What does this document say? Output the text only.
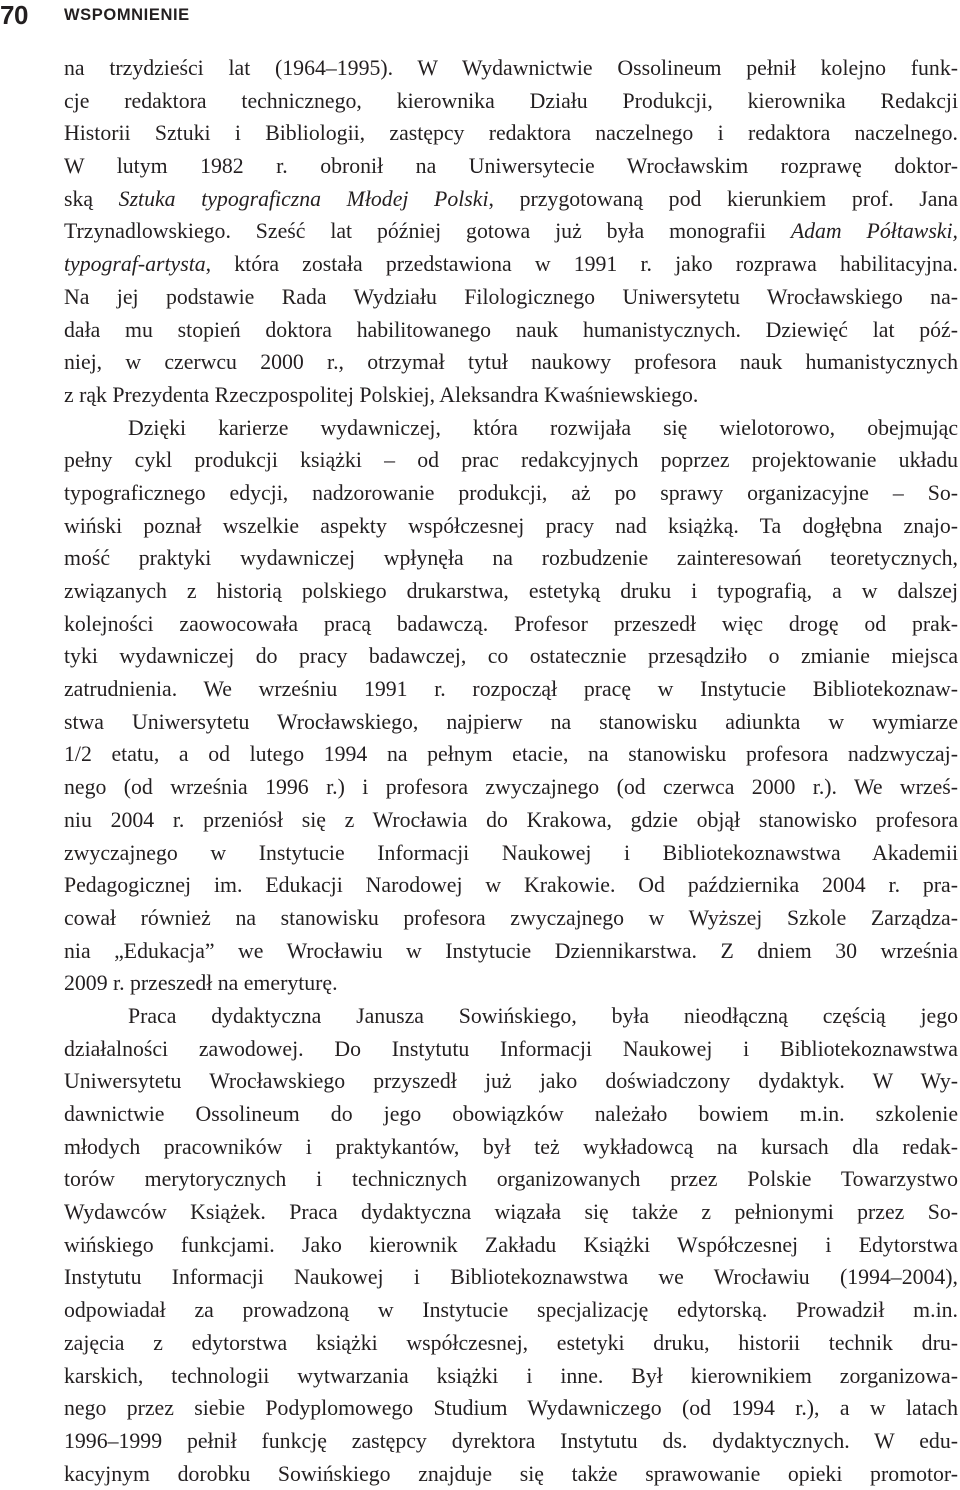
70 WSPOMNIENIE
na trzydzieści lat (1964–1995). W Wydawnictwie Ossolineum pełnił kolejno funk-
cje redaktora technicznego, kierownika Działu Produkcji, kierownika Redakcji
Historii Sztuki i Bibliologii, zastępcy redaktora naczelnego i redaktora naczelnego.
W lutym 1982 r. obronił na Uniwersytecie Wrocławskim rozprawę doktor-
ską Sztuka typograficzna Młodej Polski, przygotowaną pod kierunkiem prof. Jana
Trzynadlowskiego. Sześć lat później gotowa już była monografii Adam Półtawski,
typograf-artysta, która została przedstawiona w 1991 r. jako rozprawa habilitacyjna.
Na jej podstawie Rada Wydziału Filologicznego Uniwersytetu Wrocławskiego na-
dała mu stopień doktora habilitowanego nauk humanistycznych. Dziewięć lat póź-
niej, w czerwcu 2000 r., otrzymał tytuł naukowy profesora nauk humanistycznych
z rąk Prezydenta Rzeczpospolitej Polskiej, Aleksandra Kwaśniewskiego.
Dzięki karierze wydawniczej, która rozwijała się wielotorowo, obejmując
pełny cykl produkcji książki – od prac redakcyjnych poprzez projektowanie układu
typograficznego edycji, nadzorowanie produkcji, aż po sprawy organizacyjne – So-
wiński poznał wszelkie aspekty współczesnej pracy nad książką. Ta dogłębna znajo-
mość praktyki wydawniczej wpłynęła na rozbudzenie zainteresowań teoretycznych,
związanych z historią polskiego drukarstwa, estetyką druku i typografią, a w dalszej
kolejności zaowocowała pracą badawczą. Profesor przeszedł więc drogę od prak-
tyki wydawniczej do pracy badawczej, co ostatecznie przesądziło o zmianie miejsca
zatrudnienia. We wrześniu 1991 r. rozpoczął pracę w Instytucie Bibliotekoznaw-
stwa Uniwersytetu Wrocławskiego, najpierw na stanowisku adiunkta w wymiarze
1/2 etatu, a od lutego 1994 na pełnym etacie, na stanowisku profesora nadzwyczaj-
nego (od września 1996 r.) i profesora zwyczajnego (od czerwca 2000 r.). We wrześ-
niu 2004 r. przeniósł się z Wrocławia do Krakowa, gdzie objął stanowisko profesora
zwyczajnego w Instytucie Informacji Naukowej i Bibliotekoznawstwa Akademii
Pedagogicznej im. Edukacji Narodowej w Krakowie. Od października 2004 r. pra-
cował również na stanowisku profesora zwyczajnego w Wyższej Szkole Zarządza-
nia „Edukacja” we Wrocławiu w Instytucie Dziennikarstwa. Z dniem 30 września
2009 r. przeszedł na emeryturę.
Praca dydaktyczna Janusza Sowińskiego, była nieodłączną częścią jego
działalności zawodowej. Do Instytutu Informacji Naukowej i Bibliotekoznawstwa
Uniwersytetu Wrocławskiego przyszedł już jako doświadczony dydaktyk. W Wy-
dawnictwie Ossolineum do jego obowiązków należało bowiem m.in. szkolenie
młodych pracowników i praktykantów, był też wykładowcą na kursach dla redak-
torów merytorycznych i technicznych organizowanych przez Polskie Towarzystwo
Wydawców Książek. Praca dydaktyczna wiązała się także z pełnionymi przez So-
wińskiego funkcjami. Jako kierownik Zakładu Książki Współczesnej i Edytorstwa
Instytutu Informacji Naukowej i Bibliotekoznawstwa we Wrocławiu (1994–2004),
odpowiadał za prowadzoną w Instytucie specjalizację edytorską. Prowadził m.in.
zajęcia z edytorstwa książki współczesnej, estetyki druku, historii technik dru-
karskich, technologii wytwarzania książki i inne. Był kierownikiem zorganizowa-
nego przez siebie Podyplomowego Studium Wydawniczego (od 1994 r.), a w latach
1996–1999 pełnił funkcję zastępcy dyrektora Instytutu ds. dydaktycznych. W edu-
kacyjnym dorobku Sowińskiego znajduje się także sprawowanie opieki promotor-
